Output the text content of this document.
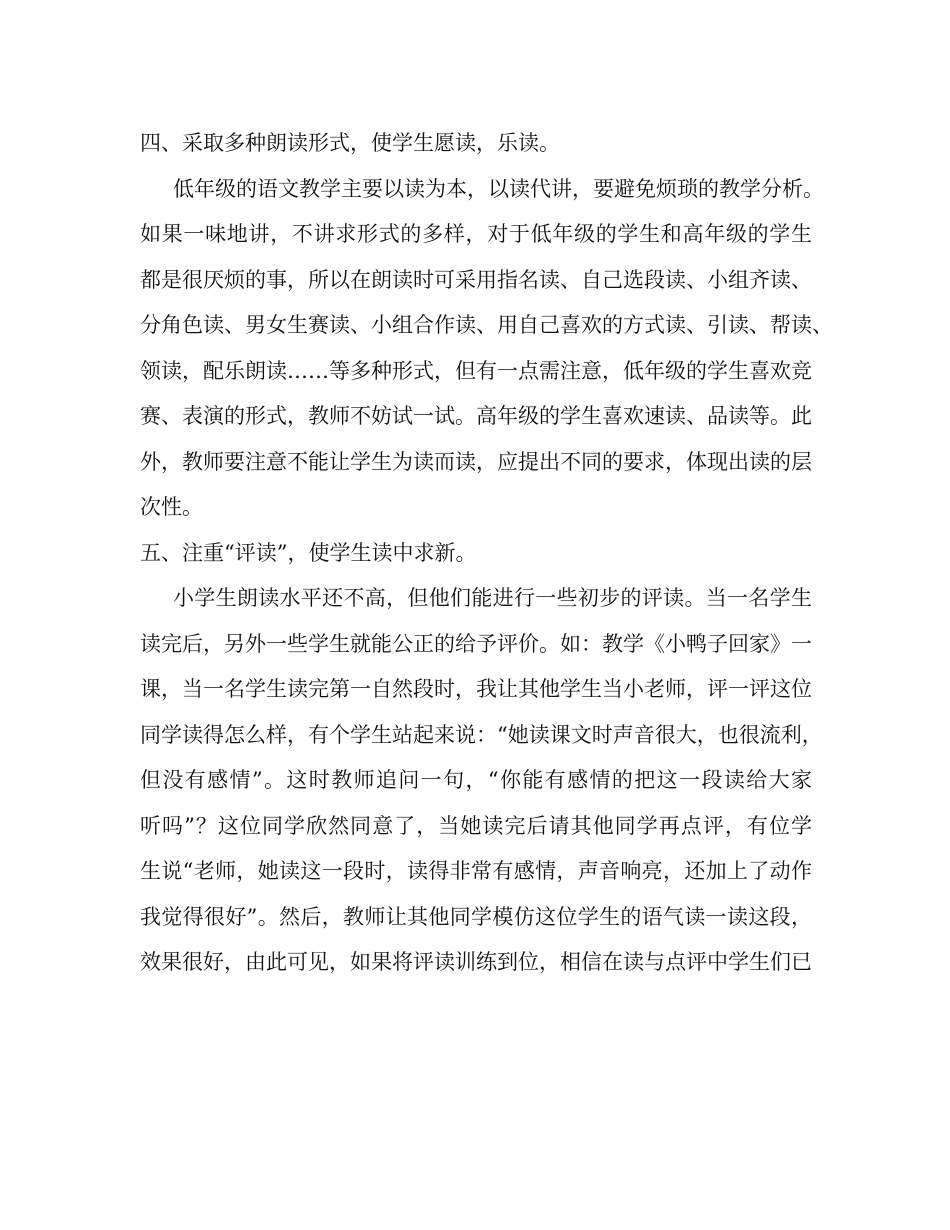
四、采取多种朗读形式，使学生愿读，乐读。
低年级的语文教学主要以读为本，以读代讲，要避免烦琐的教学分析。
如果一味地讲，不讲求形式的多样，对于低年级的学生和高年级的学生
都是很厌烦的事，所以在朗读时可采用指名读、自己选段读、小组齐读、
分角色读、男女生赛读、小组合作读、用自己喜欢的方式读、引读、帮读、
领读，配乐朗读……等多种形式，但有一点需注意，低年级的学生喜欢竞
赛、表演的形式，教师不妨试一试。高年级的学生喜欢速读、品读等。此
外，教师要注意不能让学生为读而读，应提出不同的要求，体现出读的层
次性。
五、注重“评读”，使学生读中求新。
小学生朗读水平还不高，但他们能进行一些初步的评读。当一名学生
读完后，另外一些学生就能公正的给予评价。如：教学《小鸭子回家》一
课，当一名学生读完第一自然段时，我让其他学生当小老师，评一评这位
同学读得怎么样，有个学生站起来说：“她读课文时声音很大，也很流利，
但没有感情”。这时教师追问一句，“你能有感情的把这一段读给大家
听吗”？这位同学欣然同意了，当她读完后请其他同学再点评，有位学
生说“老师，她读这一段时，读得非常有感情，声音响亮，还加上了动作
我觉得很好”。然后，教师让其他同学模仿这位学生的语气读一读这段，
效果很好，由此可见，如果将评读训练到位，相信在读与点评中学生们已
